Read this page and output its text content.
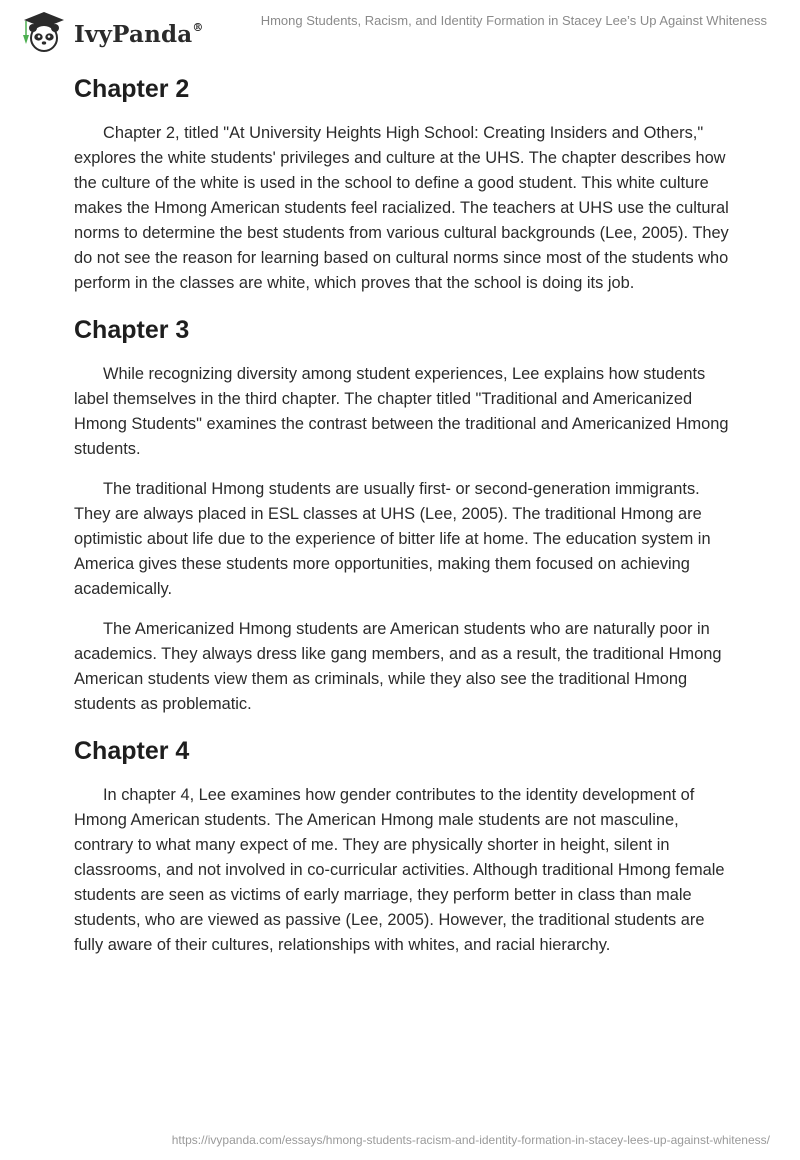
IvyPanda®	Hmong Students, Racism, and Identity Formation in Stacey Lee’s Up Against Whiteness
Chapter 2

Chapter 2, titled "At University Heights High School: Creating Insiders and Others," explores the white students' privileges and culture at the UHS. The chapter describes how the culture of the white is used in the school to define a good student. This white culture makes the Hmong American students feel racialized. The teachers at UHS use the cultural norms to determine the best students from various cultural backgrounds (Lee, 2005). They do not see the reason for learning based on cultural norms since most of the students who perform in the classes are white, which proves that the school is doing its job.

Chapter 3

While recognizing diversity among student experiences, Lee explains how students label themselves in the third chapter. The chapter titled "Traditional and Americanized Hmong Students" examines the contrast between the traditional and Americanized Hmong students.

The traditional Hmong students are usually first- or second-generation immigrants. They are always placed in ESL classes at UHS (Lee, 2005). The traditional Hmong are optimistic about life due to the experience of bitter life at home. The education system in America gives these students more opportunities, making them focused on achieving academically.

The Americanized Hmong students are American students who are naturally poor in academics. They always dress like gang members, and as a result, the traditional Hmong American students view them as criminals, while they also see the traditional Hmong students as problematic.

Chapter 4

In chapter 4, Lee examines how gender contributes to the identity development of Hmong American students. The American Hmong male students are not masculine, contrary to what many expect of me. They are physically shorter in height, silent in classrooms, and not involved in co-curricular activities. Although traditional Hmong female students are seen as victims of early marriage, they perform better in class than male students, who are viewed as passive (Lee, 2005). However, the traditional students are fully aware of their cultures, relationships with whites, and racial hierarchy.

https://ivypanda.com/essays/hmong-students-racism-and-identity-formation-in-stacey-lees-up-against-whiteness/
